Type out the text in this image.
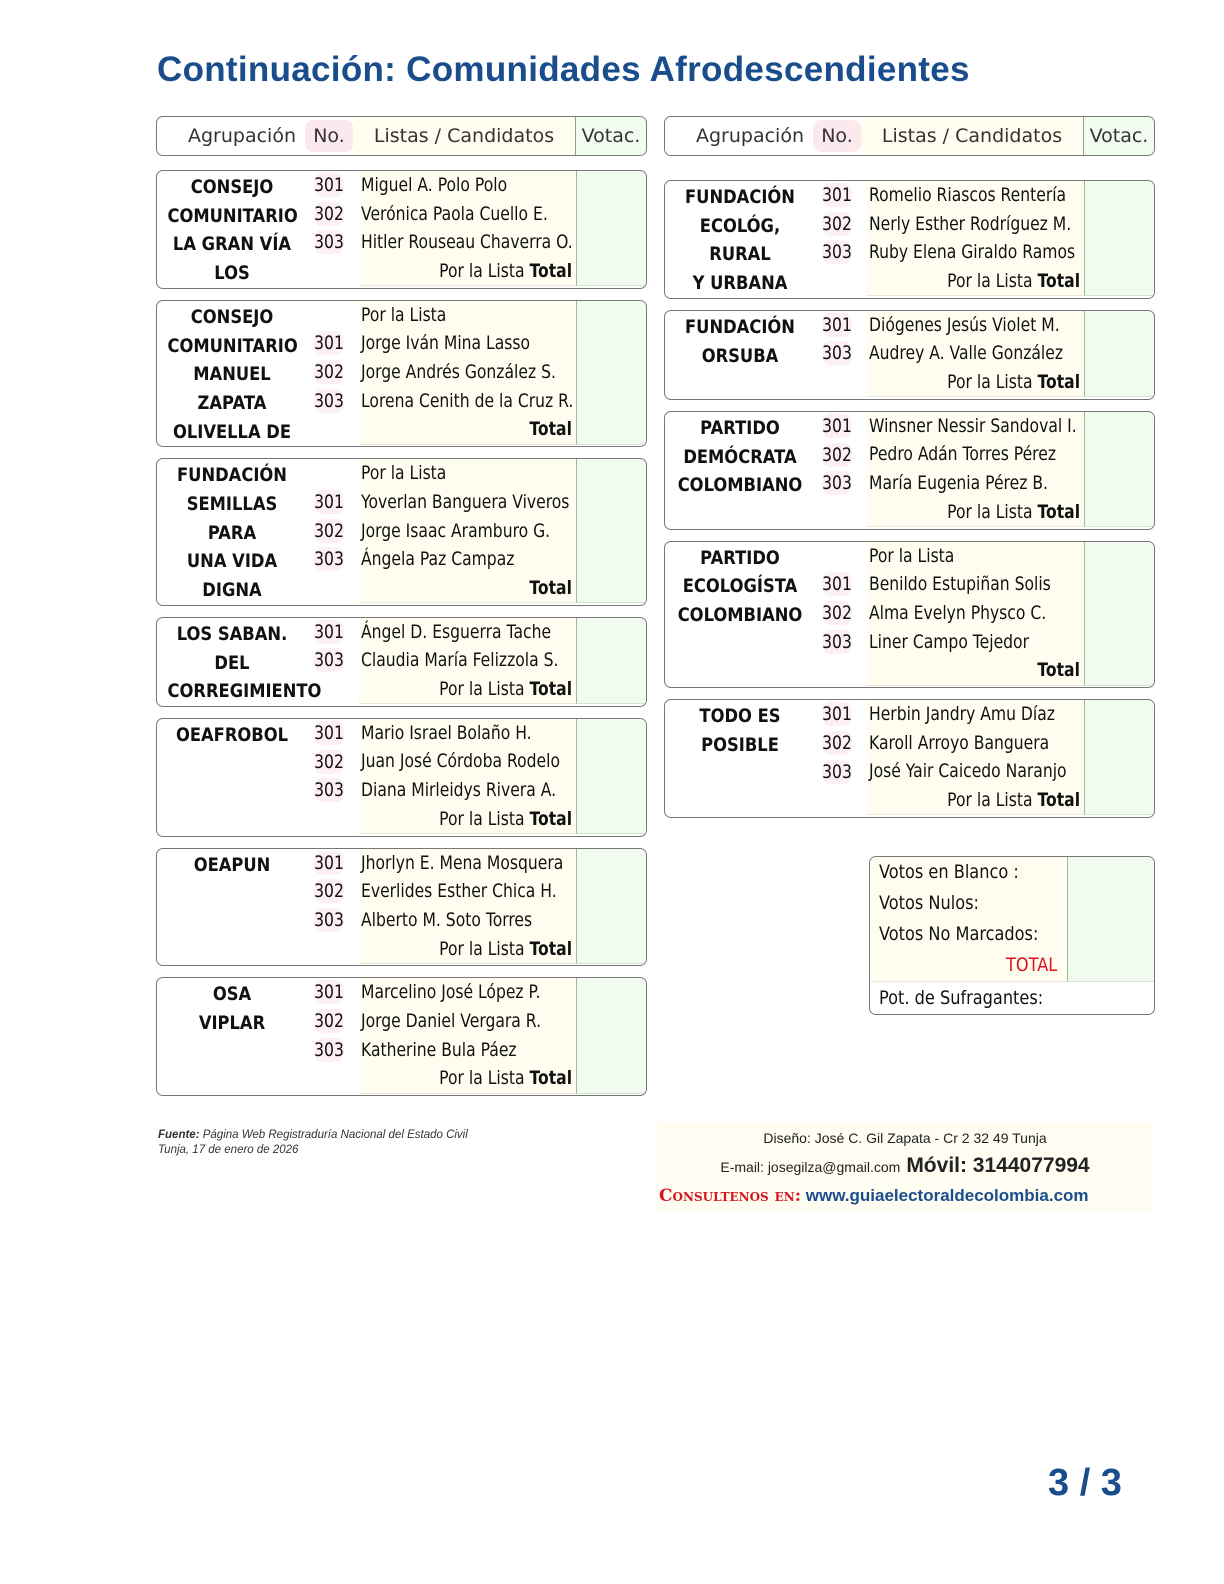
Continuación: Comunidades Afrodescendientes
Agrupación No.	Listas / Candidatos	Votac.
CONSEJO
COMUNITARIO
LA GRAN VÍA
LOS
301 Miguel A. Polo Polo
302 Verónica Paola Cuello E.
303 Hitler Rouseau Chaverra O.
Por la Lista Total
CONSEJO
COMUNITARIO
MANUEL ZAPATA
OLIVELLA DE
Por la Lista
301 Jorge Iván Mina Lasso
302 Jorge Andrés González S.
303 Lorena Cenith de la Cruz R.
Total
FUNDACIÓN
SEMILLAS PARA
UNA VIDA
DIGNA
Por la Lista
301 Yoverlan Banguera Viveros
302 Jorge Isaac Aramburo G.
303 Ángela Paz Campaz
Total
LOS SABAN. DEL
CORREGIMIENTO
301 Ángel D. Esguerra Tache
303 Claudia María Felizzola S.
Por la Lista Total
OEAFROBOL	301 Mario Israel Bolaño H.
302 Juan José Córdoba Rodelo
303 Diana Mirleidys Rivera A.
Por la Lista Total
OEAPUN	301 Jhorlyn E. Mena Mosquera
302 Everlides Esther Chica H.
303 Alberto M. Soto Torres
Por la Lista Total
OSA
VIPLAR
301 Marcelino José López P.
302 Jorge Daniel Vergara R.
303 Katherine Bula Páez
Por la Lista Total
Agrupación No.	Listas / Candidatos	Votac.
FUNDACIÓN
ECOLÓG, RURAL
Y URBANA
301 Romelio Riascos Rentería
302 Nerly Esther Rodríguez M.
303 Ruby Elena Giraldo Ramos
Por la Lista Total
FUNDACIÓN
ORSUBA
301 Diógenes Jesús Violet M.
303 Audrey A. Valle González
Por la Lista Total
PARTIDO
DEMÓCRATA
COLOMBIANO
301 Winsner Nessir Sandoval I.
302 Pedro Adán Torres Pérez
303 María Eugenia Pérez B.
Por la Lista Total
PARTIDO
ECOLOGÍSTA
COLOMBIANO
Por la Lista
301 Benildo Estupiñan Solis
302 Alma Evelyn Physco C.
303 Liner Campo Tejedor
Total
TODO ES
POSIBLE
301 Herbin Jandry Amu Díaz
302 Karoll Arroyo Banguera
303 José Yair Caicedo Naranjo
Por la Lista Total
Votos en Blanco :
Votos Nulos:
Votos No Marcados:
TOTAL
Pot. de Sufragantes:
Fuente: Página Web Registraduría Nacional del Estado Civil
Tunja, 17 de enero de 2026
Diseño: José C. Gil Zapata - Cr 2 32 49 Tunja
E-mail: josegilza@gmail.com Móvil: 3144077994
Consultenos en: www.guiaelectoraldecolombia.com
3 / 3
